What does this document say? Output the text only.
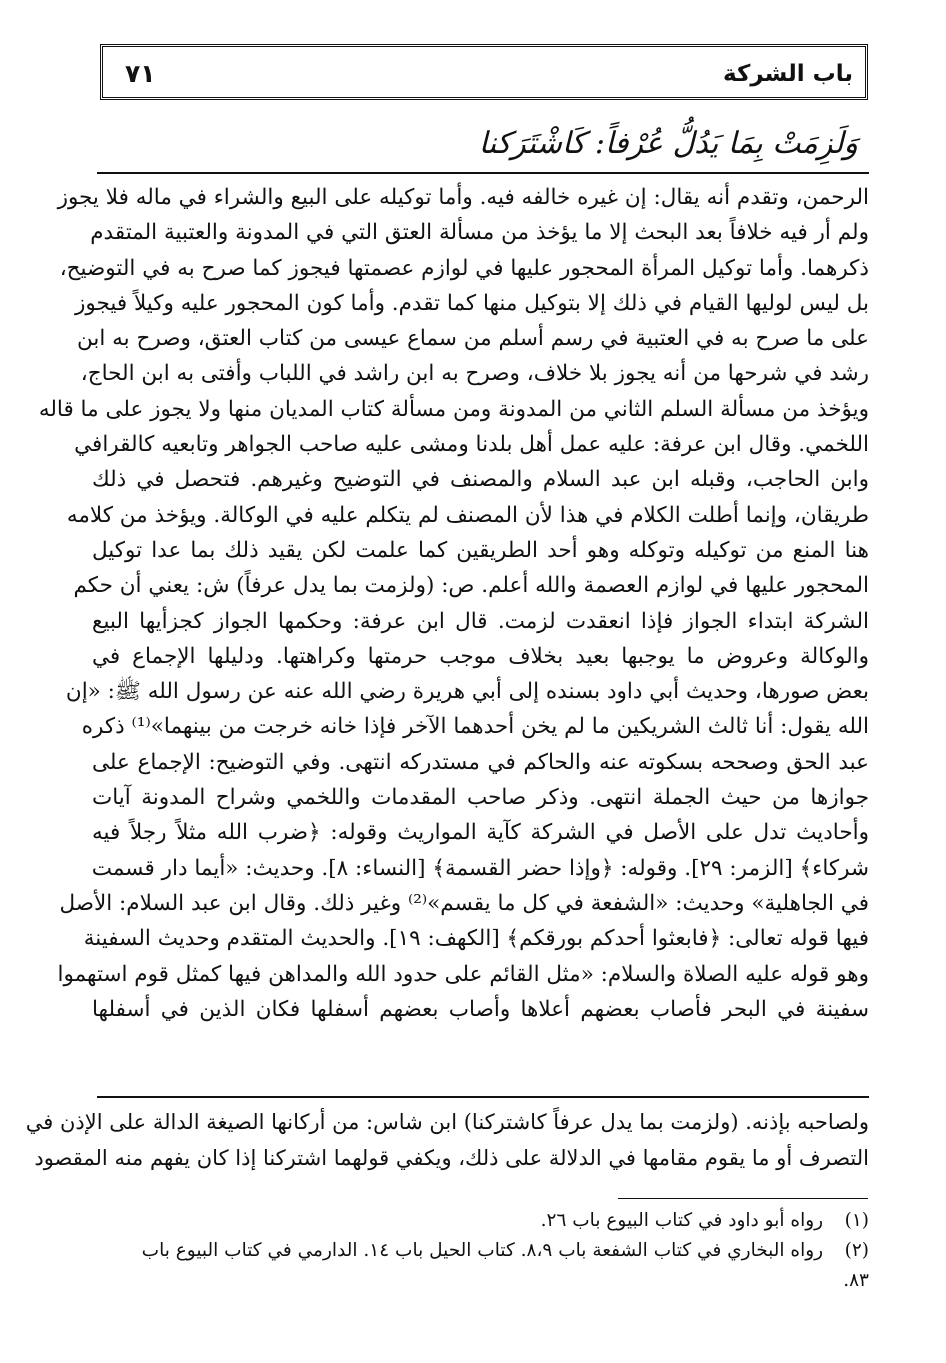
باب الشركة
٧١
وَلَزِمَتْ بِمَا يَدُلُّ عُرْفاً: كَاشْتَرَكنا
الرحمن، وتقدم أنه يقال: إن غيره خالفه فيه. وأما توكيله على البيع والشراء في ماله فلا يجوز
ولم أر فيه خلافاً بعد البحث إلا ما يؤخذ من مسألة العتق التي في المدونة والعتبية المتقدم
ذكرهما. وأما توكيل المرأة المحجور عليها في لوازم عصمتها فيجوز كما صرح به في التوضيح،
بل ليس لوليها القيام في ذلك إلا بتوكيل منها كما تقدم. وأما كون المحجور عليه وكيلاً فيجوز
على ما صرح به في العتبية في رسم أسلم من سماع عيسى من كتاب العتق، وصرح به ابن
رشد في شرحها من أنه يجوز بلا خلاف، وصرح به ابن راشد في اللباب وأفتى به ابن الحاج،
ويؤخذ من مسألة السلم الثاني من المدونة ومن مسألة كتاب المديان منها ولا يجوز على ما قاله
اللخمي. وقال ابن عرفة: عليه عمل أهل بلدنا ومشى عليه صاحب الجواهر وتابعيه كالقرافي
وابن الحاجب، وقبله ابن عبد السلام والمصنف في التوضيح وغيرهم. فتحصل في ذلك
طريقان، وإنما أطلت الكلام في هذا لأن المصنف لم يتكلم عليه في الوكالة. ويؤخذ من كلامه
هنا المنع من توكيله وتوكله وهو أحد الطريقين كما علمت لكن يقيد ذلك بما عدا توكيل
المحجور عليها في لوازم العصمة والله أعلم. ص: (ولزمت بما يدل عرفاً) ش: يعني أن حكم
الشركة ابتداء الجواز فإذا انعقدت لزمت. قال ابن عرفة: وحكمها الجواز كجزأيها البيع
والوكالة وعروض ما يوجبها بعيد بخلاف موجب حرمتها وكراهتها. ودليلها الإجماع في
بعض صورها، وحديث أبي داود بسنده إلى أبي هريرة رضي الله عنه عن رسول الله ﷺ: «إن
الله يقول: أنا ثالث الشريكين ما لم يخن أحدهما الآخر فإذا خانه خرجت من بينهما»⁽¹⁾ ذكره
عبد الحق وصححه بسكوته عنه والحاكم في مستدركه انتهى. وفي التوضيح: الإجماع على
جوازها من حيث الجملة انتهى. وذكر صاحب المقدمات واللخمي وشراح المدونة آيات
وأحاديث تدل على الأصل في الشركة كآية المواريث وقوله: ﴿ضرب الله مثلاً رجلاً فيه
شركاء﴾ [الزمر: ٢٩]. وقوله: ﴿وإذا حضر القسمة﴾ [النساء: ٨]. وحديث: «أيما دار قسمت
في الجاهلية» وحديث: «الشفعة في كل ما يقسم»⁽²⁾ وغير ذلك. وقال ابن عبد السلام: الأصل
فيها قوله تعالى: ﴿فابعثوا أحدكم بورقكم﴾ [الكهف: ١٩]. والحديث المتقدم وحديث السفينة
وهو قوله عليه الصلاة والسلام: «مثل القائم على حدود الله والمداهن فيها كمثل قوم استهموا
سفينة في البحر فأصاب بعضهم أعلاها وأصاب بعضهم أسفلها فكان الذين في أسفلها
ولصاحبه بإذنه. (ولزمت بما يدل عرفاً كاشتركنا) ابن شاس: من أركانها الصيغة الدالة على الإذن في
التصرف أو ما يقوم مقامها في الدلالة على ذلك، ويكفي قولهما اشتركنا إذا كان يفهم منه المقصود
(١) رواه أبو داود في كتاب البيوع باب ٢٦.
(٢) رواه البخاري في كتاب الشفعة باب ٨،٩. كتاب الحيل باب ١٤. الدارمي في كتاب البيوع باب
٨٣.
